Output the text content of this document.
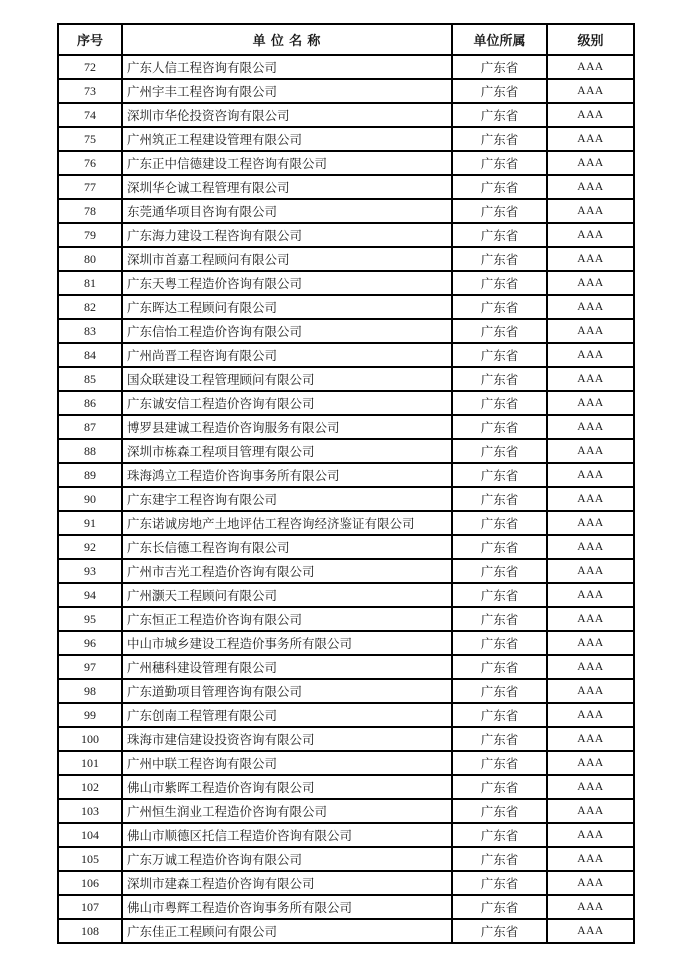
序号	单 位 名 称	单位所属	级别
72	广东人信工程咨询有限公司	广东省	AAA
73	广州宇丰工程咨询有限公司	广东省	AAA
74	深圳市华伦投资咨询有限公司	广东省	AAA
75	广州筑正工程建设管理有限公司	广东省	AAA
76	广东正中信德建设工程咨询有限公司	广东省	AAA
77	深圳华仑诚工程管理有限公司	广东省	AAA
78	东莞通华项目咨询有限公司	广东省	AAA
79	广东海力建设工程咨询有限公司	广东省	AAA
80	深圳市首嘉工程顾问有限公司	广东省	AAA
81	广东天粤工程造价咨询有限公司	广东省	AAA
82	广东晖达工程顾问有限公司	广东省	AAA
83	广东信怡工程造价咨询有限公司	广东省	AAA
84	广州尚晋工程咨询有限公司	广东省	AAA
85	国众联建设工程管理顾问有限公司	广东省	AAA
86	广东诚安信工程造价咨询有限公司	广东省	AAA
87	博罗县建诚工程造价咨询服务有限公司	广东省	AAA
88	深圳市栋森工程项目管理有限公司	广东省	AAA
89	珠海鸿立工程造价咨询事务所有限公司	广东省	AAA
90	广东建宇工程咨询有限公司	广东省	AAA
91	广东诺诚房地产土地评估工程咨询经济鉴证有限公司	广东省	AAA
92	广东长信德工程咨询有限公司	广东省	AAA
93	广州市吉光工程造价咨询有限公司	广东省	AAA
94	广州灏天工程顾问有限公司	广东省	AAA
95	广东恒正工程造价咨询有限公司	广东省	AAA
96	中山市城乡建设工程造价事务所有限公司	广东省	AAA
97	广州穗科建设管理有限公司	广东省	AAA
98	广东道勤项目管理咨询有限公司	广东省	AAA
99	广东创南工程管理有限公司	广东省	AAA
100	珠海市建信建设投资咨询有限公司	广东省	AAA
101	广州中联工程咨询有限公司	广东省	AAA
102	佛山市紫晖工程造价咨询有限公司	广东省	AAA
103	广州恒生润业工程造价咨询有限公司	广东省	AAA
104	佛山市顺德区托信工程造价咨询有限公司	广东省	AAA
105	广东万诚工程造价咨询有限公司	广东省	AAA
106	深圳市建森工程造价咨询有限公司	广东省	AAA
107	佛山市粤辉工程造价咨询事务所有限公司	广东省	AAA
108	广东佳正工程顾问有限公司	广东省	AAA
